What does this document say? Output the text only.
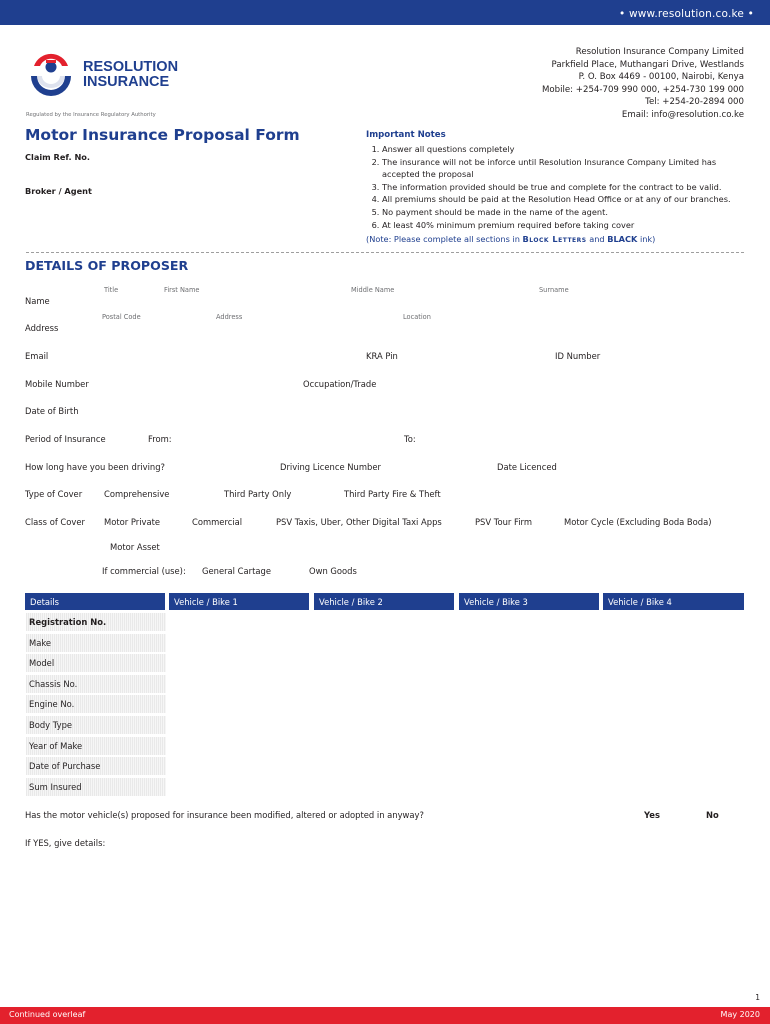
• www.resolution.co.ke •
RESOLUTION
INSURANCE
Regulated by the Insurance Regulatory Authority
Resolution Insurance Company Limited
Parkfield Place, Muthangari Drive, Westlands
P. O. Box 4469 - 00100, Nairobi, Kenya
Mobile: +254-709 990 000, +254-730 199 000
Tel: +254-20-2894 000
Email: info@resolution.co.ke
Motor Insurance Proposal Form
Claim Ref. No.
Broker / Agent
Important Notes
1. Answer all questions completely
2. The insurance will not be inforce until Resolution Insurance Company Limited has accepted the proposal
3. The information provided should be true and complete for the contract to be valid.
4. All premiums should be paid at the Resolution Head Office or at any of our branches.
5. No payment should be made in the name of the agent.
6. At least 40% minimum premium required before taking cover
(Note: Please complete all sections in Block Letters and BLACK ink)
DETAILS OF PROPOSER
Title	First Name	Middle Name	Surname
Name
Postal Code	Address	Location
Address
Email	KRA Pin	ID Number
Mobile Number	Occupation/Trade
Date of Birth
Period of Insurance	From:	To:
How long have you been driving?	Driving Licence Number	Date Licenced
Type of Cover	Comprehensive	Third Party Only	Third Party Fire & Theft
Class of Cover Motor Private	Commercial	PSV Taxis, Uber, Other Digital Taxi Apps	PSV Tour Firm	Motor Cycle (Excluding Boda Boda)
Motor Asset
If commercial (use): General Cartage	Own Goods
Details	Vehicle / Bike 1	Vehicle / Bike 2	Vehicle / Bike 3	Vehicle / Bike 4
Registration No.
Make
Model
Chassis No.
Engine No.
Body Type
Year of Make
Date of Purchase
Sum Insured
Has the motor vehicle(s) proposed for insurance been modified, altered or adopted in anyway?	Yes	No
If YES, give details:
1
Continued overleaf	May 2020
